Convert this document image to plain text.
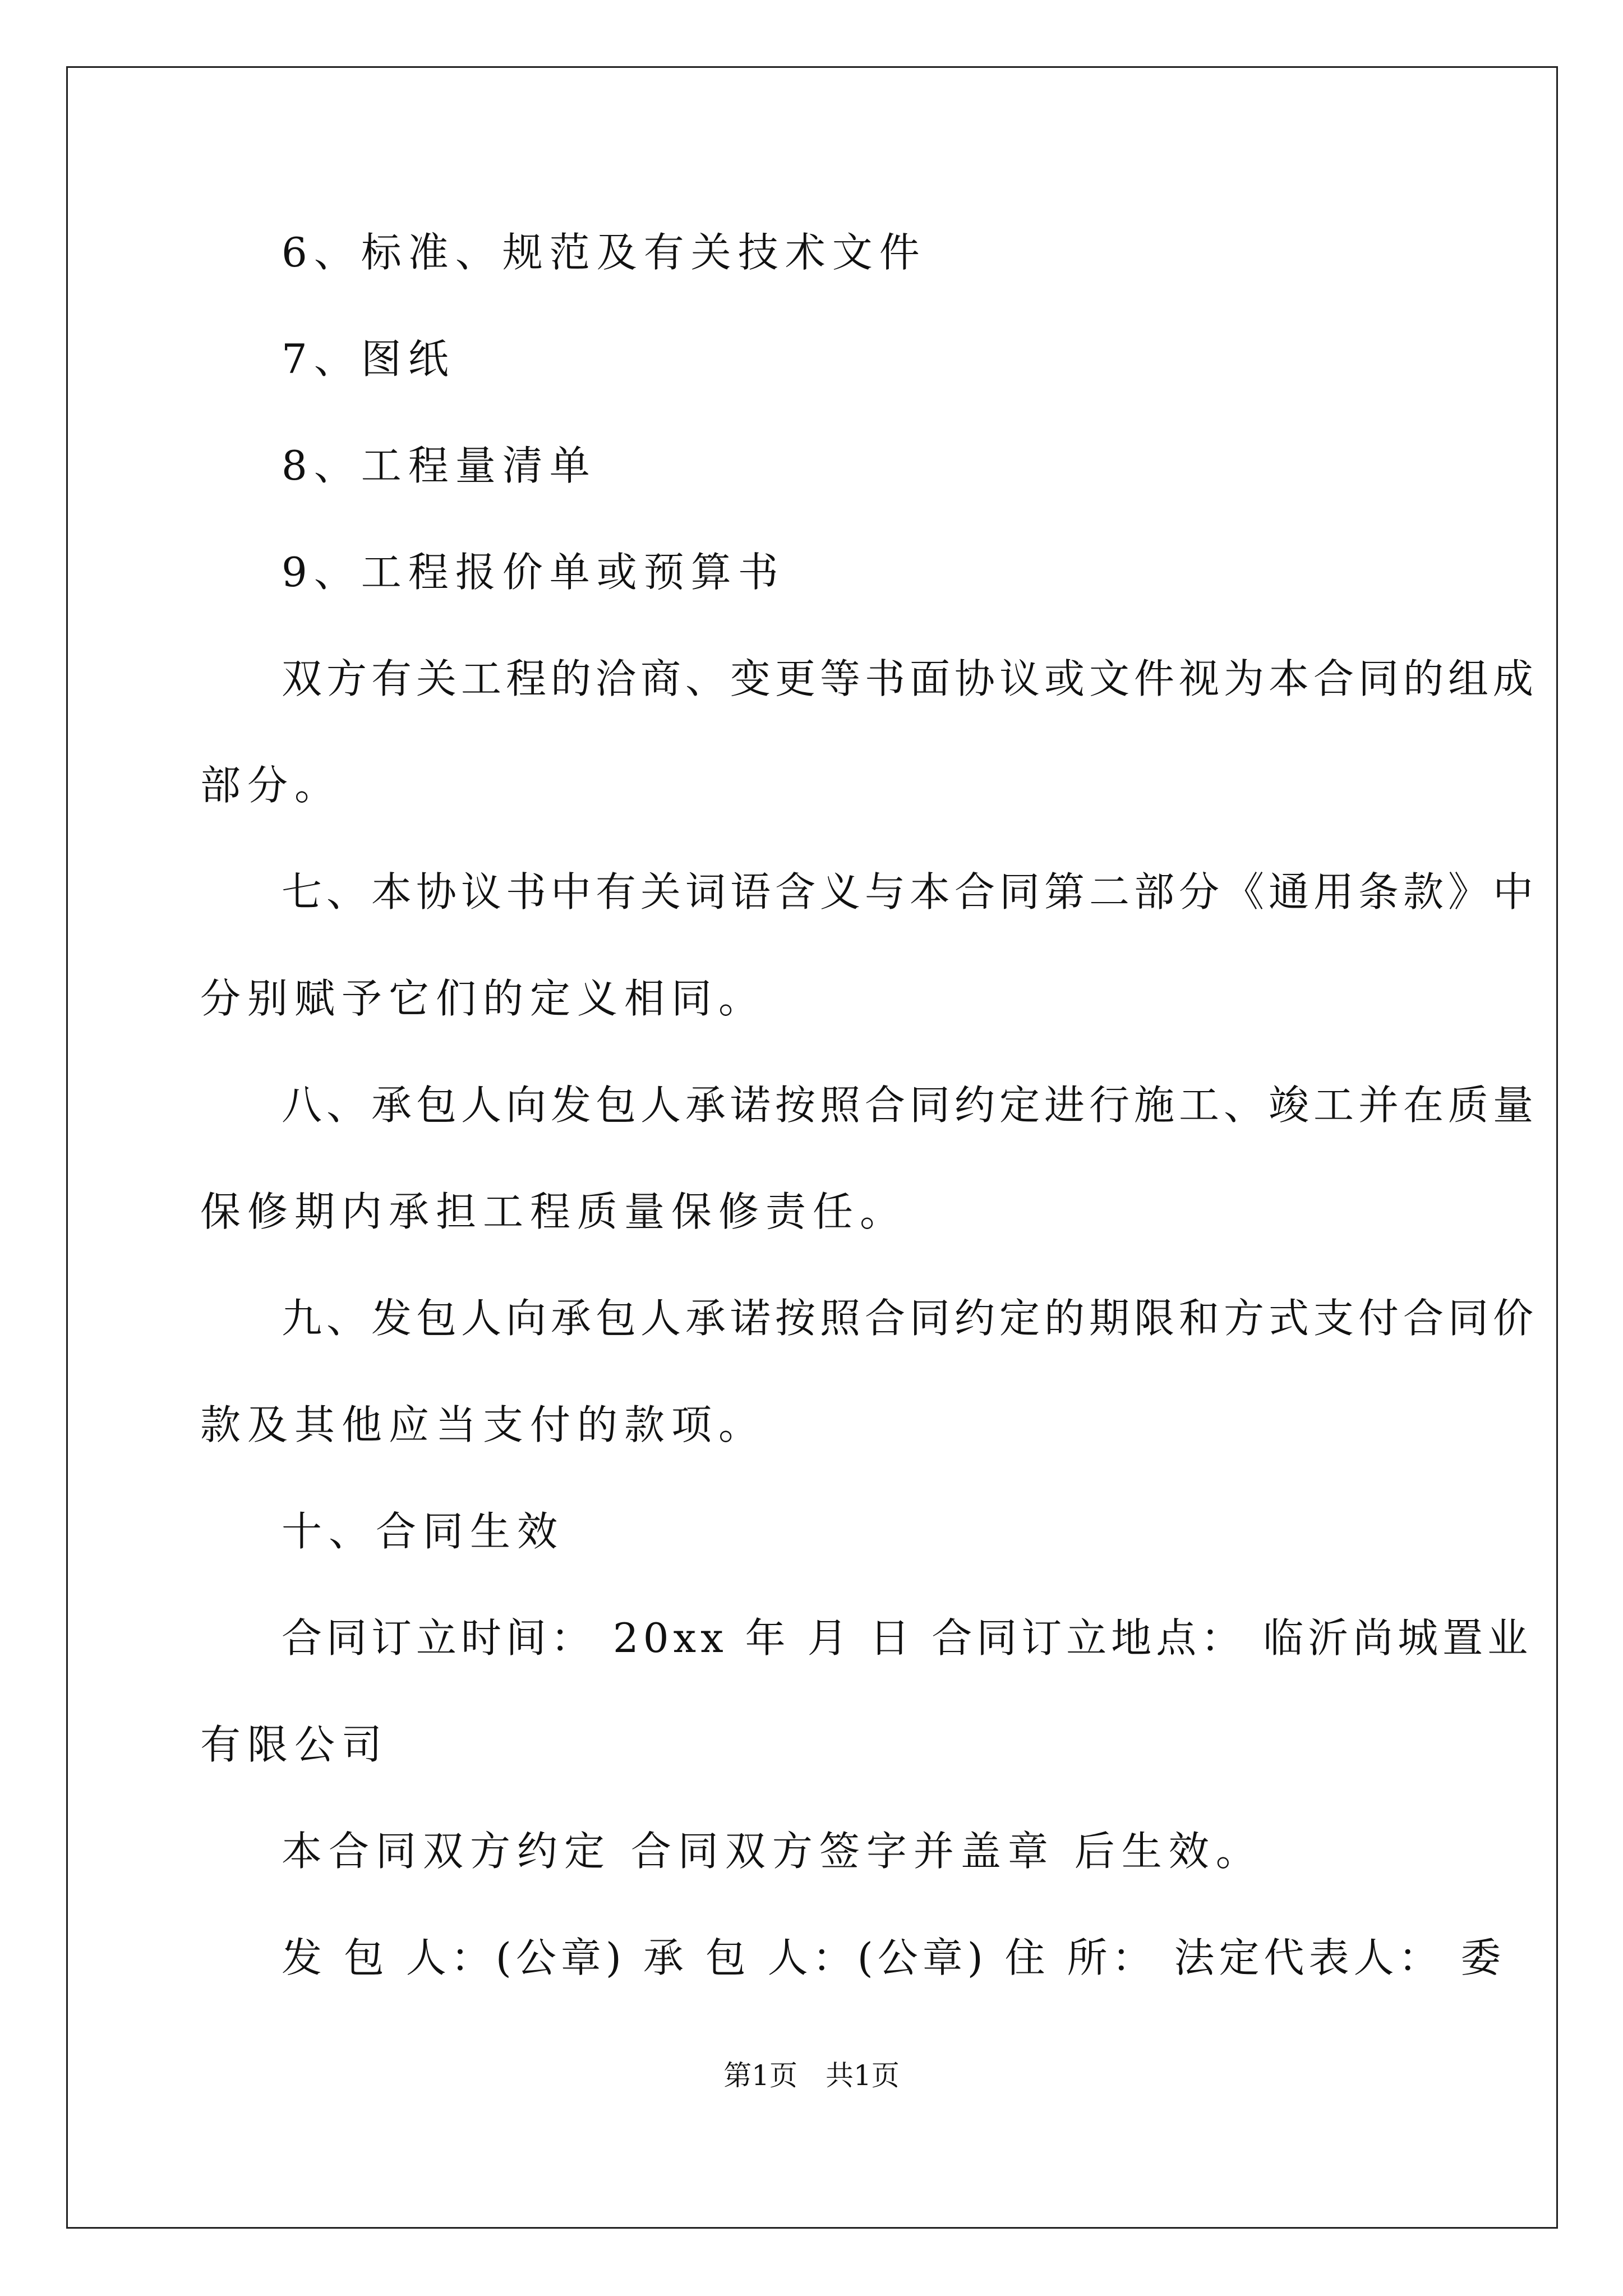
6、标准、规范及有关技术文件
7、图纸
8、工程量清单
9、工程报价单或预算书
双方有关工程的洽商、变更等书面协议或文件视为本合同的组成
部分。
七、本协议书中有关词语含义与本合同第二部分《通用条款》中
分别赋予它们的定义相同。
八、承包人向发包人承诺按照合同约定进行施工、竣工并在质量
保修期内承担工程质量保修责任。
九、发包人向承包人承诺按照合同约定的期限和方式支付合同价
款及其他应当支付的款项。
十、合同生效
合同订立时间： 20xx 年 月 日 合同订立地点： 临沂尚城置业
有限公司
本合同双方约定 合同双方签字并盖章 后生效。
发 包 人：(公章) 承 包 人：(公章) 住 所： 法定代表人： 委
第1页　共1页
